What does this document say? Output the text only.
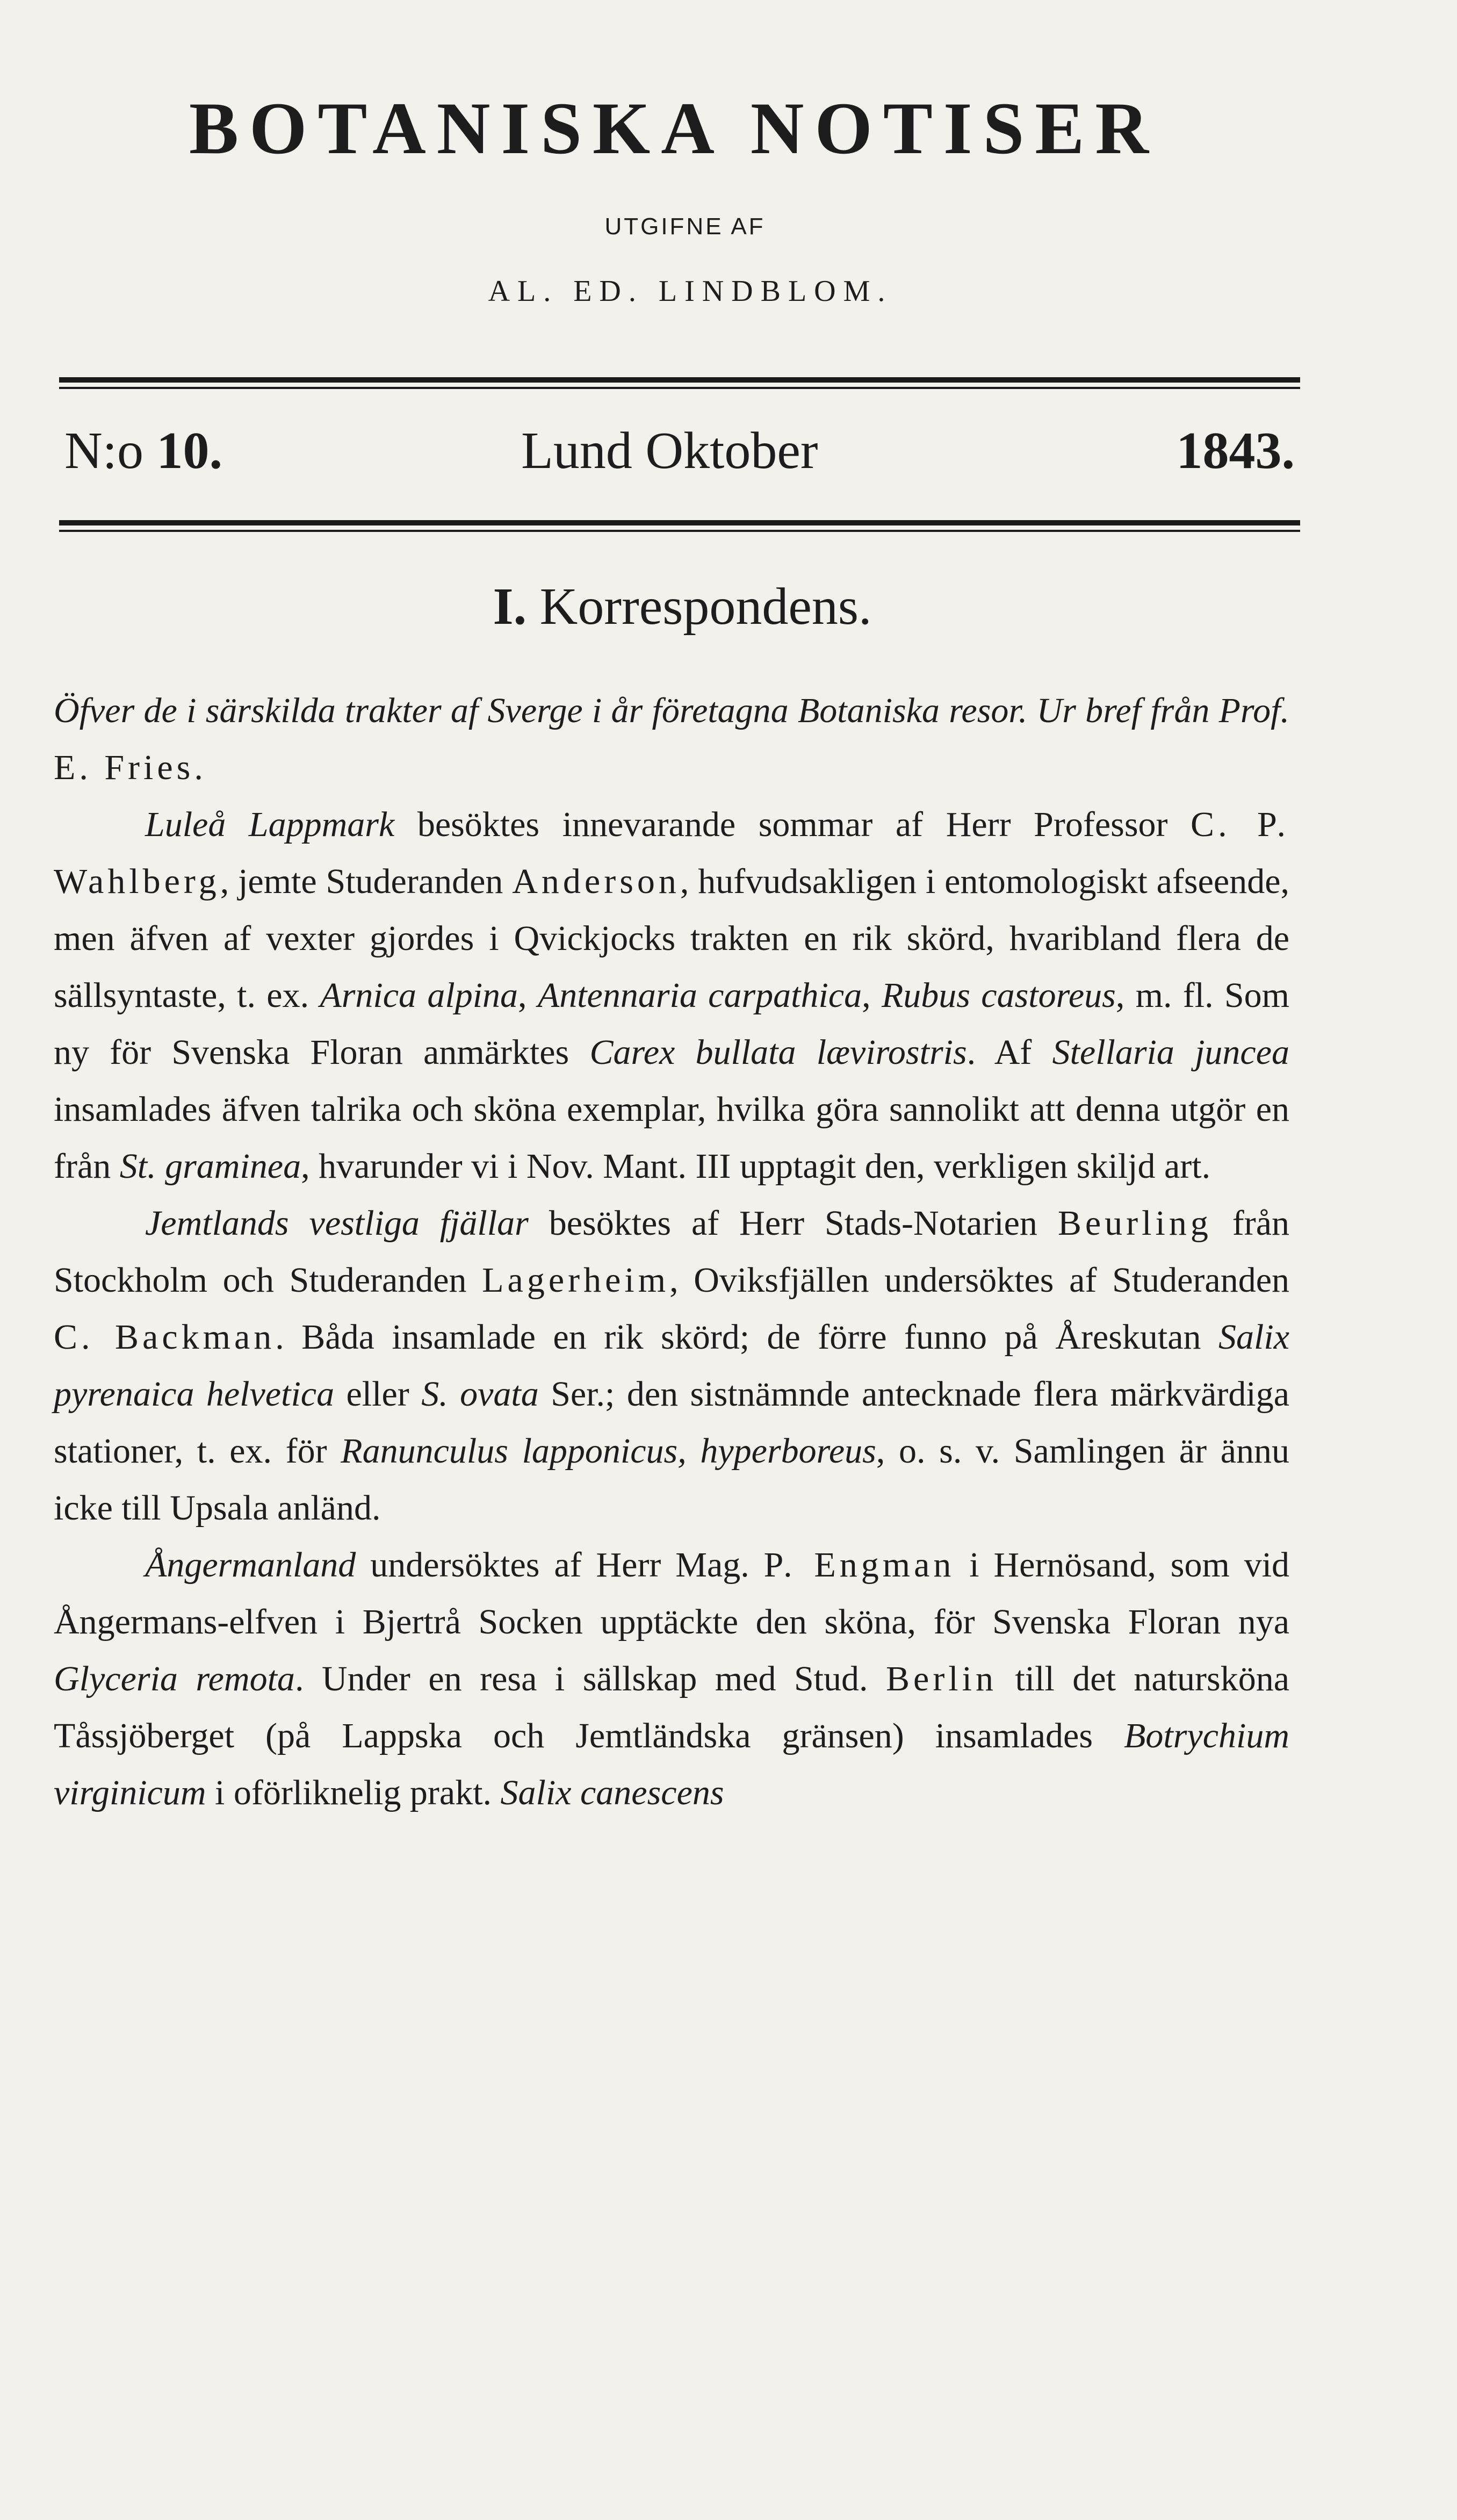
BOTANISKA NOTISER
UTGIFNE AF
AL. ED. LINDBLOM.
N:o 10.	Lund Oktober	1843.
I. Korrespondens.

Öfver de i särskilda trakter af Sverge i år företagna Botaniska resor. Ur bref från Prof. E. Fries.

Luleå Lappmark besöktes innevarande sommar af Herr Professor C. P. Wahlberg, jemte Studeranden Anderson, hufvudsakligen i entomologiskt afseende, men äfven af vexter gjordes i Qvickjocks trakten en rik skörd, hvaribland flera de sällsyntaste, t. ex. Arnica alpina, Antennaria carpathica, Rubus castoreus, m. fl. Som ny för Svenska Floran anmärktes Carex bullata lævirostris. Af Stellaria juncea insamlades äfven talrika och sköna exemplar, hvilka göra sannolikt att denna utgör en från St. graminea, hvarunder vi i Nov. Mant. III upptagit den, verkligen skiljd art.

Jemtlands vestliga fjällar besöktes af Herr Stads-Notarien Beurling från Stockholm och Studeranden Lagerheim, Oviksfjällen undersöktes af Studeranden C. Backman. Båda insamlade en rik skörd; de förre funno på Åreskutan Salix pyrenaica helvetica eller S. ovata Ser.; den sistnämnde antecknade flera märkvärdiga stationer, t. ex. för Ranunculus lapponicus, hyperboreus, o. s. v. Samlingen är ännu icke till Upsala anländ.

Ångermanland undersöktes af Herr Mag. P. Engman i Hernösand, som vid Ångermans-elfven i Bjertrå Socken upptäckte den sköna, för Svenska Floran nya Glyceria remota. Under en resa i sällskap med Stud. Berlin till det natursköna Tåssjöberget (på Lappska och Jemtländska gränsen) insamlades Botrychium virginicum i oförliknelig prakt. Salix canescens
